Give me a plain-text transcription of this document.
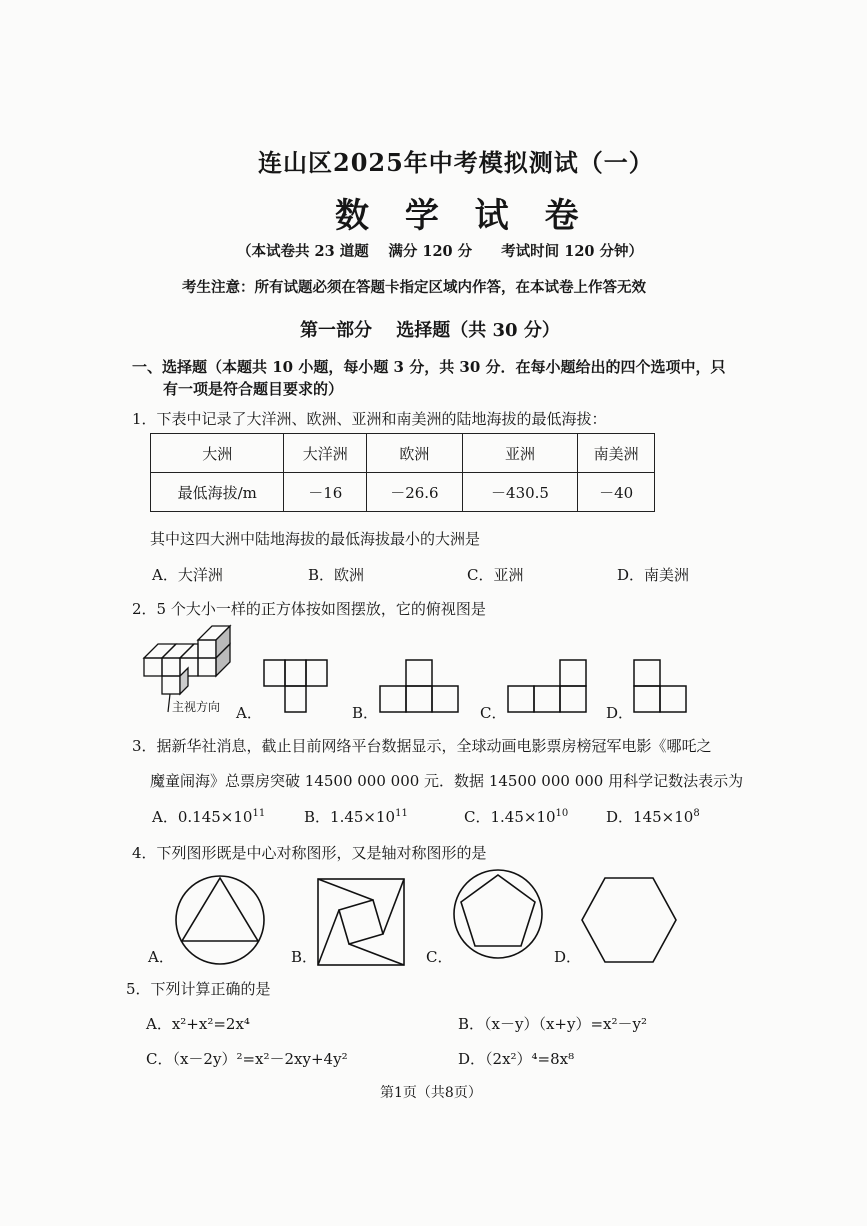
连山区2025年中考模拟测试（一）
数 学 试 卷
（本试卷共 23 道题　 满分 120 分　　考试时间 120 分钟）
考生注意：所有试题必须在答题卡指定区域内作答，在本试卷上作答无效
第一部分　 选择题（共 30 分）
一、选择题（本题共 10 小题，每小题 3 分，共 30 分．在每小题给出的四个选项中，只
有一项是符合题目要求的）
1．下表中记录了大洋洲、欧洲、亚洲和南美洲的陆地海拔的最低海拔：
大洲	大洋洲	欧洲	亚洲	南美洲
最低海拔/m	－16	－26.6	－430.5	－40
其中这四大洲中陆地海拔的最低海拔最小的大洲是
A．大洋洲	B．欧洲	C．亚洲	D．南美洲
2．5 个大小一样的正方体按如图摆放，它的俯视图是
主视方向 A．	B．	C．	D．
3．据新华社消息，截止目前网络平台数据显示，全球动画电影票房榜冠军电影《哪吒之
魔童闹海》总票房突破 14500 000 000 元．数据 14500 000 000 用科学记数法表示为
A．$0.145\times 10^{11}$	B．$1.45\times 10^{11}$	C．$1.45\times 10^{10}$	D．$145\times 10^8$
4．下列图形既是中心对称图形，又是轴对称图形的是
A．	B．	C．	D．
5．下列计算正确的是
A．x²+x²=2x⁴	B．（x－y）（x+y）=x²－y²
C．（x－2y）²=x²－2xy+4y²	D．（2x²）⁴=8x⁸
第1页（共8页）
